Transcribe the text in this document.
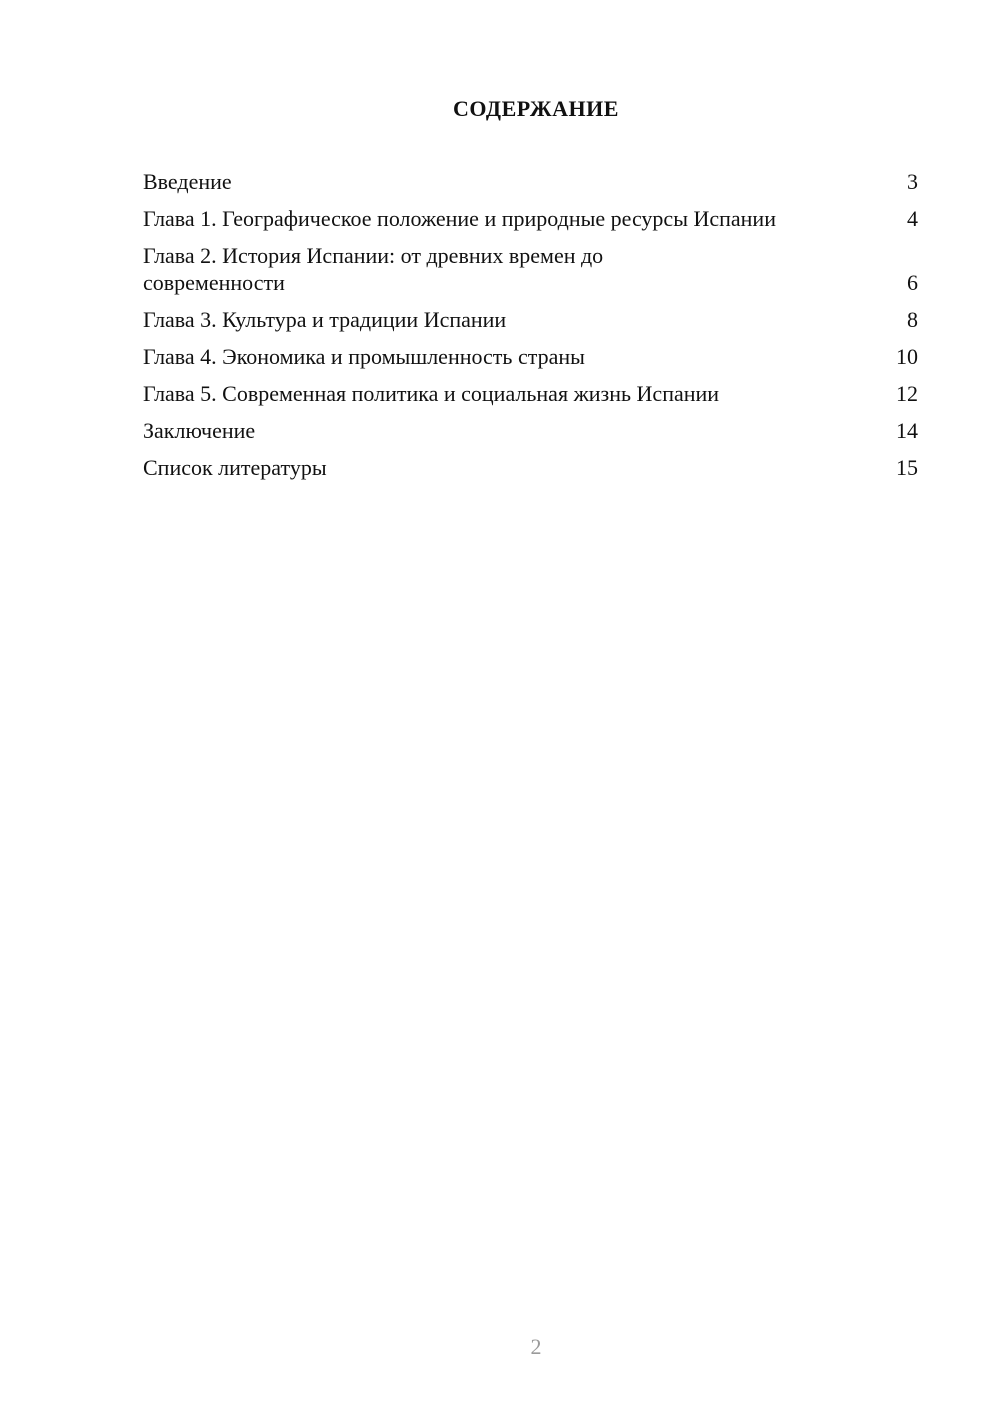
СОДЕРЖАНИЕ
Введение	3
Глава 1. Географическое положение и природные ресурсы Испании	4
Глава 2. История Испании: от древних времен до современности	6
Глава 3. Культура и традиции Испании	8
Глава 4. Экономика и промышленность страны	10
Глава 5. Современная политика и социальная жизнь Испании	12
Заключение	14
Список литературы	15
2
